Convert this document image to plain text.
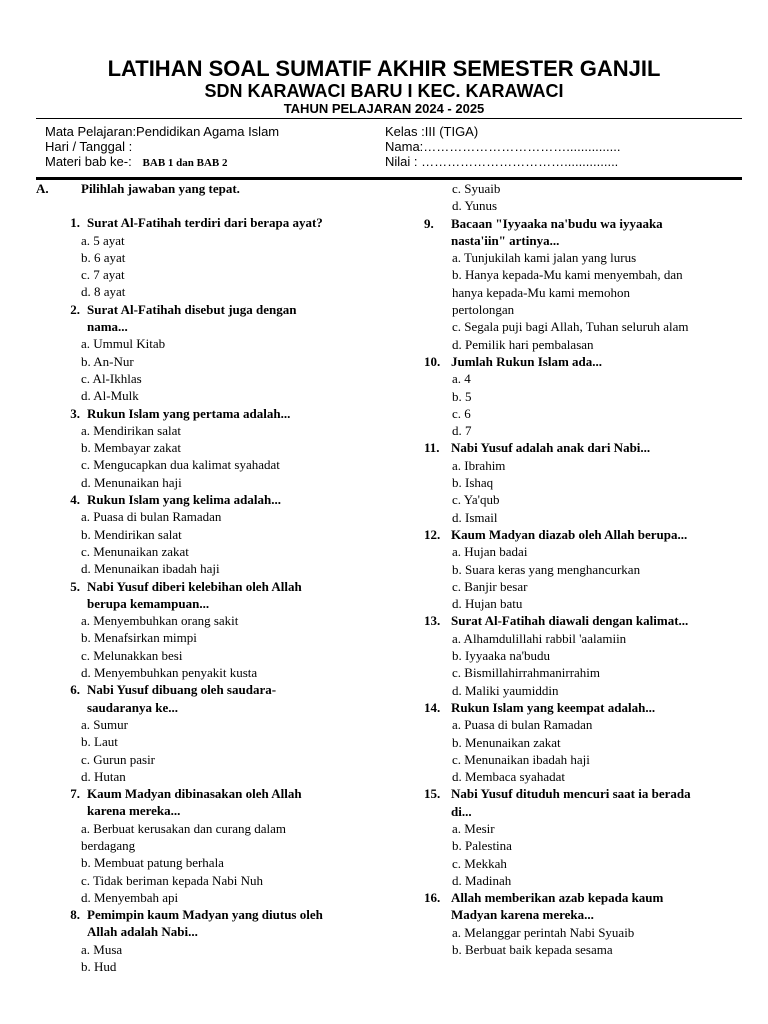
LATIHAN SOAL SUMATIF AKHIR SEMESTER GANJIL
SDN KARAWACI BARU I KEC. KARAWACI
TAHUN PELAJARAN 2024 - 2025
Mata Pelajaran:Pendidikan Agama Islam
Hari / Tanggal :
Materi bab ke-: BAB 1 dan BAB 2
Kelas :III (TIGA)
Nama:……………………………...............
Nilai : ……………………………...............
A.	Pilihlah jawaban yang tepat.
1. Surat Al-Fatihah terdiri dari berapa ayat?
a. 5 ayat
b. 6 ayat
c. 7 ayat
d. 8 ayat
2. Surat Al-Fatihah disebut juga dengan
nama...
a. Ummul Kitab
b. An-Nur
c. Al-Ikhlas
d. Al-Mulk
3. Rukun Islam yang pertama adalah...
a. Mendirikan salat
b. Membayar zakat
c. Mengucapkan dua kalimat syahadat
d. Menunaikan haji
4. Rukun Islam yang kelima adalah...
a. Puasa di bulan Ramadan
b. Mendirikan salat
c. Menunaikan zakat
d. Menunaikan ibadah haji
5. Nabi Yusuf diberi kelebihan oleh Allah
berupa kemampuan...
a. Menyembuhkan orang sakit
b. Menafsirkan mimpi
c. Melunakkan besi
d. Menyembuhkan penyakit kusta
6. Nabi Yusuf dibuang oleh saudara-
saudaranya ke...
a. Sumur
b. Laut
c. Gurun pasir
d. Hutan
7. Kaum Madyan dibinasakan oleh Allah
karena mereka...
a. Berbuat kerusakan dan curang dalam
berdagang
b. Membuat patung berhala
c. Tidak beriman kepada Nabi Nuh
d. Menyembah api
8. Pemimpin kaum Madyan yang diutus oleh
Allah adalah Nabi...
a. Musa
b. Hud
c. Syuaib
d. Yunus
9.	Bacaan "Iyyaaka na'budu wa iyyaaka
nasta'iin" artinya...
a. Tunjukilah kami jalan yang lurus
b. Hanya kepada-Mu kami menyembah, dan
hanya kepada-Mu kami memohon
pertolongan
c. Segala puji bagi Allah, Tuhan seluruh alam
d. Pemilik hari pembalasan
10. Jumlah Rukun Islam ada...
a. 4
b. 5
c. 6
d. 7
11. Nabi Yusuf adalah anak dari Nabi...
a. Ibrahim
b. Ishaq
c. Ya'qub
d. Ismail
12. Kaum Madyan diazab oleh Allah berupa...
a. Hujan badai
b. Suara keras yang menghancurkan
c. Banjir besar
d. Hujan batu
13. Surat Al-Fatihah diawali dengan kalimat...
a. Alhamdulillahi rabbil 'aalamiin
b. Iyyaaka na'budu
c. Bismillahirrahmanirrahim
d. Maliki yaumiddin
14. Rukun Islam yang keempat adalah...
a. Puasa di bulan Ramadan
b. Menunaikan zakat
c. Menunaikan ibadah haji
d. Membaca syahadat
15. Nabi Yusuf dituduh mencuri saat ia berada
di...
a. Mesir
b. Palestina
c. Mekkah
d. Madinah
16. Allah memberikan azab kepada kaum
Madyan karena mereka...
a. Melanggar perintah Nabi Syuaib
b. Berbuat baik kepada sesama
